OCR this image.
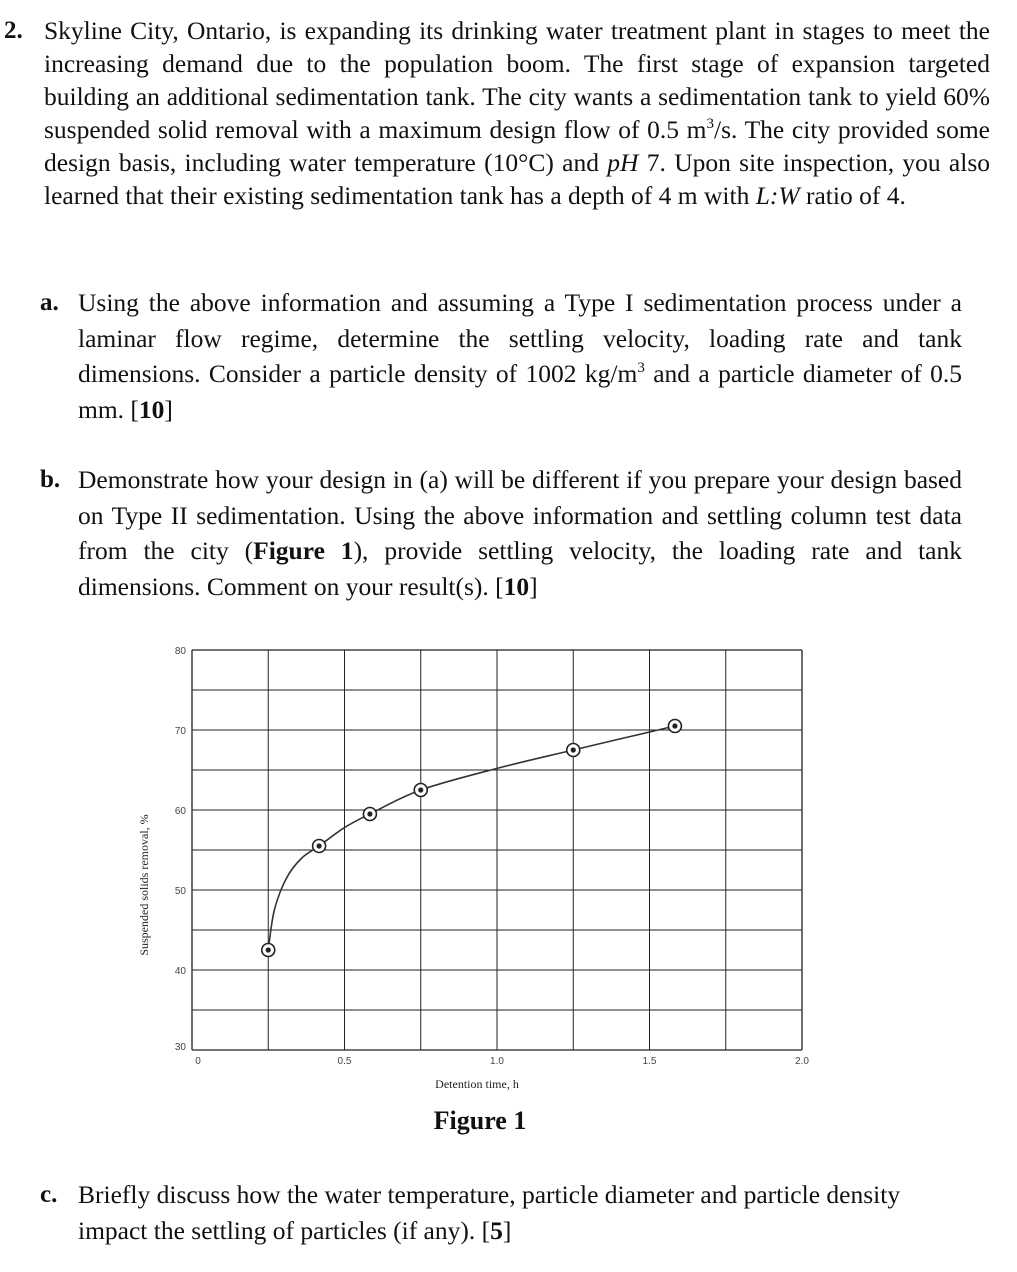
2. Skyline City, Ontario, is expanding its drinking water treatment plant in stages to meet the increasing demand due to the population boom. The first stage of expansion targeted building an additional sedimentation tank. The city wants a sedimentation tank to yield 60% suspended solid removal with a maximum design flow of 0.5 $m^3/s$. The city provided some design basis, including water temperature (10°C) and pH 7. Upon site inspection, you also learned that their existing sedimentation tank has a depth of 4 m with L:W ratio of 4.
a. Using the above information and assuming a Type I sedimentation process under a laminar flow regime, determine the settling velocity, loading rate and tank dimensions. Consider a particle density of 1002 $kg/m^3$ and a particle diameter of 0.5 mm. [10]
b. Demonstrate how your design in (a) will be different if you prepare your design based on Type II sedimentation. Using the above information and settling column test data from the city (Figure 1), provide settling velocity, the loading rate and tank dimensions. Comment on your result(s). [10]
0	0.5	1.0	1.5	2.0
30
40
50
60
70
80
Detention time, h
Suspended solids removal, %
Figure 1
c. Briefly discuss how the water temperature, particle diameter and particle density impact the settling of particles (if any). [5]
